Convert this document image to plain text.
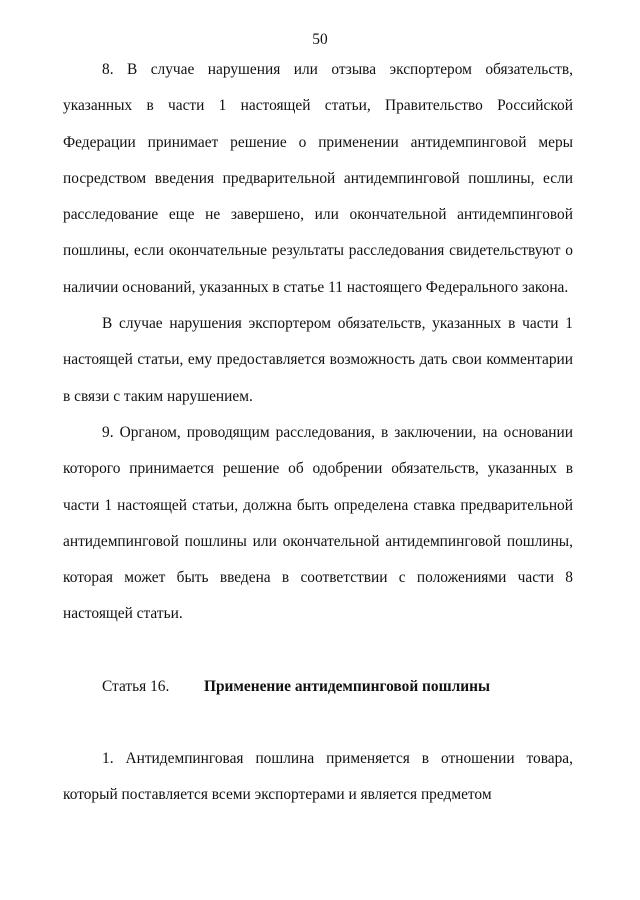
50

8. В случае нарушения или отзыва экспортером обязательств, указанных в части 1 настоящей статьи, Правительство Российской Федерации принимает решение о применении антидемпинговой меры посредством введения предварительной антидемпинговой пошлины, если расследование еще не завершено, или окончательной антидемпинговой пошлины, если окончательные результаты расследования свидетельствуют о наличии оснований, указанных в статье 11 настоящего Федерального закона.

В случае нарушения экспортером обязательств, указанных в части 1 настоящей статьи, ему предоставляется возможность дать свои комментарии в связи с таким нарушением.

9. Органом, проводящим расследования, в заключении, на основании которого принимается решение об одобрении обязательств, указанных в части 1 настоящей статьи, должна быть определена ставка предварительной антидемпинговой пошлины или окончательной антидемпинговой пошлины, которая может быть введена в соответствии с положениями части 8 настоящей статьи.

Статья 16. Применение антидемпинговой пошлины

1. Антидемпинговая пошлина применяется в отношении товара, который поставляется всеми экспортерами и является предметом
